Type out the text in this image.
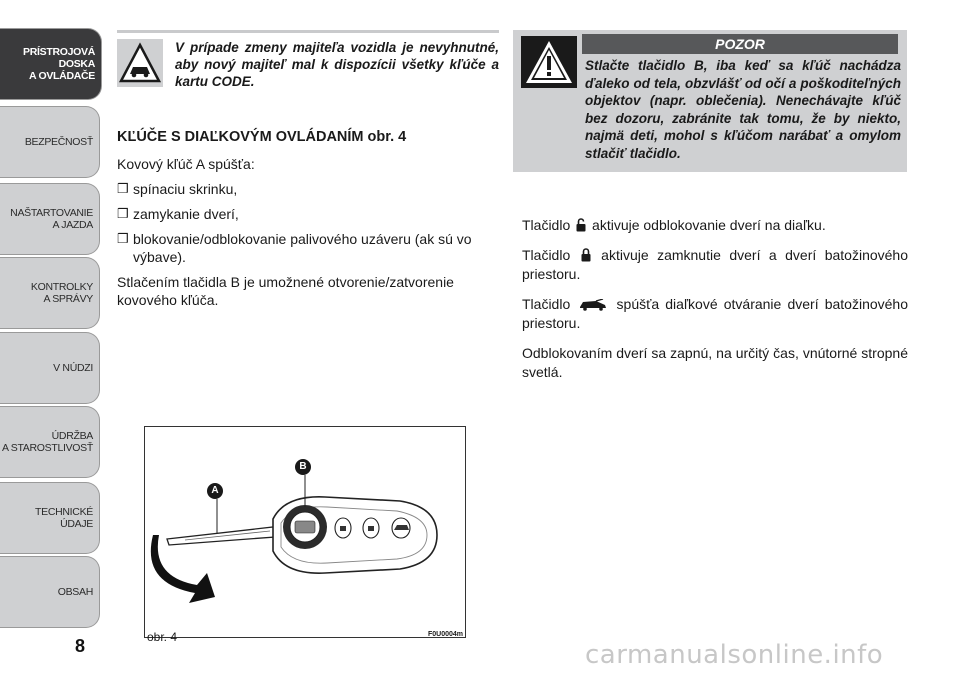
PRÍSTROJOVÁ
DOSKA
A OVLÁDAČE
BEZPEČNOSŤ
NAŠTARTOVANIE
A JAZDA
KONTROLKY
A SPRÁVY
V NÚDZI
ÚDRŽBA
A STAROSTLIVOSŤ
TECHNICKÉ ÚDAJE
OBSAH
8
V prípade zmeny majiteľa vozidla je nevyhnutné, aby nový majiteľ mal k dispozícii všetky kľúče a kartu CODE.
KĽÚČE S DIAĽKOVÝM OVLÁDANÍM obr. 4
Kovový kľúč A spúšťa:
❒ spínaciu skrinku,
❒ zamykanie dverí,
❒ blokovanie/odblokovanie palivového uzáveru (ak sú vo výbave).
Stlačením tlačidla B je umožnené otvorenie/zatvorenie kovového kľúča.
POZOR
Stlačte tlačidlo B, iba keď sa kľúč nachádza ďaleko od tela, obzvlášť od očí a poškoditeľných objektov (napr. oblečenia). Nenechávajte kľúč bez dozoru, zabránite tak tomu, že by niekto, najmä deti, mohol s kľúčom narábať a omylom stlačiť tlačidlo.
Tlačidlo aktivuje odblokovanie dverí na diaľku.
Tlačidlo aktivuje zamknutie dverí a dverí batožinového priestoru.
Tlačidlo	spúšťa diaľkové otváranie dverí batožinového priestoru.
Odblokovaním dverí sa zapnú, na určitý čas, vnútorné stropné svetlá.
A
B
obr. 4	F0U0004m
carmanualsonline.info
